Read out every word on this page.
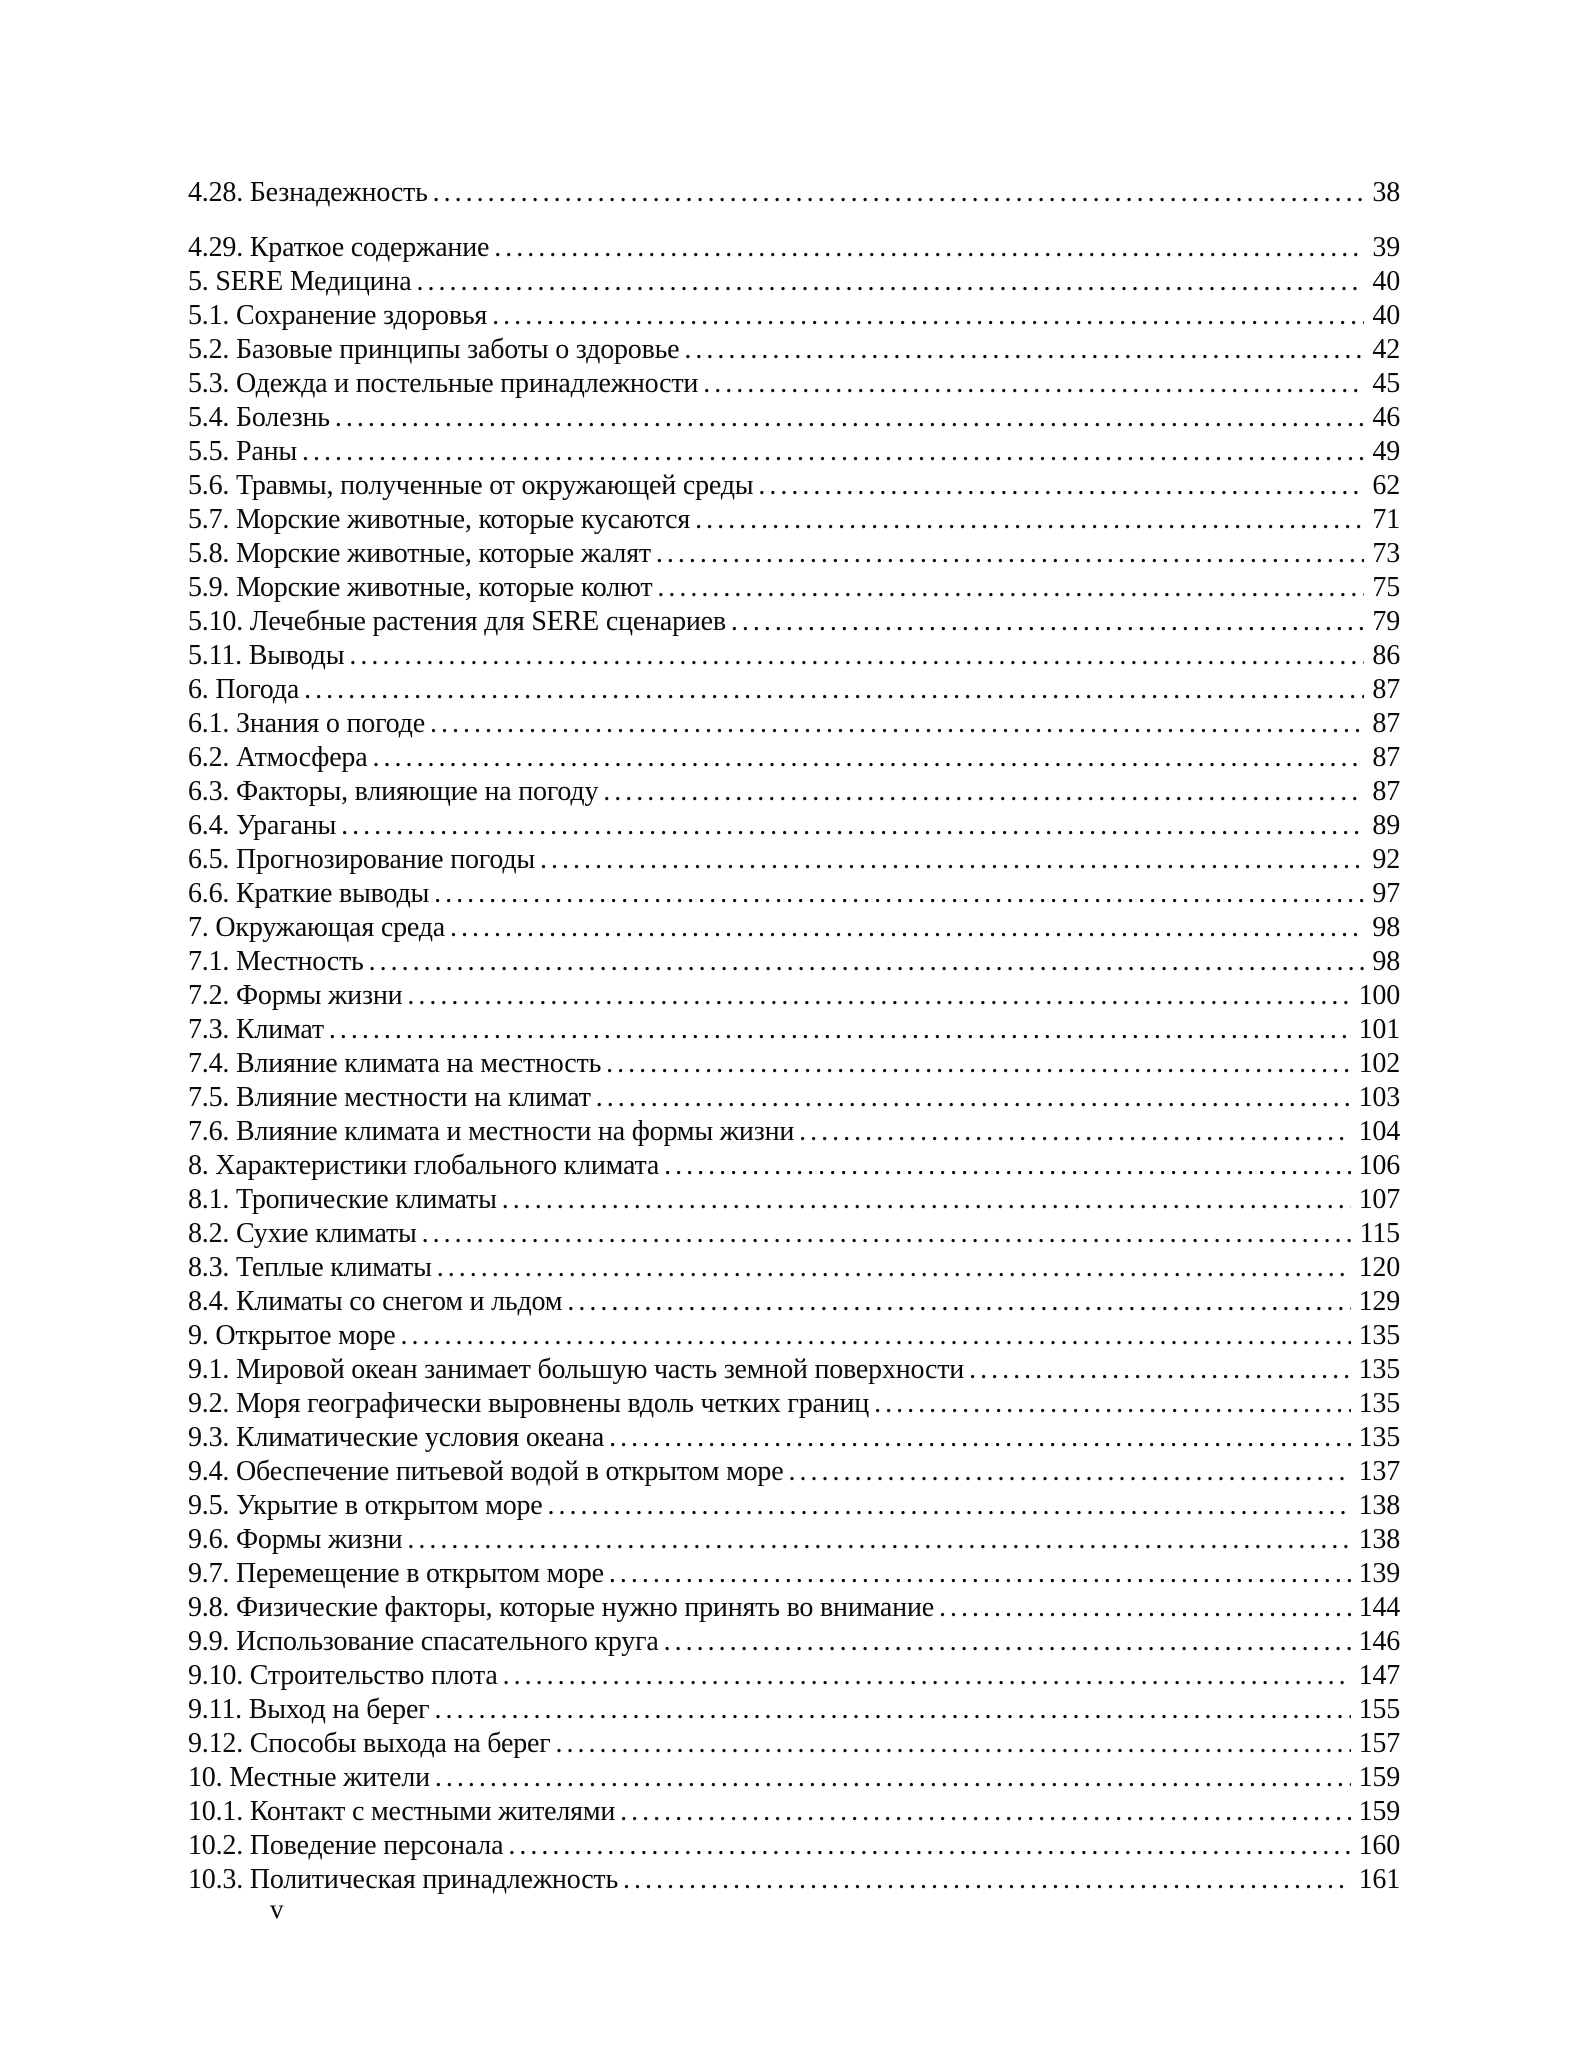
4.28. Безнадежность .....	38
4.29. Краткое содержание .....	39
5. SERE Медицина .....	40
5.1. Сохранение здоровья .....	40
5.2. Базовые принципы заботы о здоровье .....	42
5.3. Одежда и постельные принадлежности .....	45
5.4. Болезнь .....	46
5.5. Раны .....	49
5.6. Травмы, полученные от окружающей среды .....	62
5.7. Морские животные, которые кусаются .....	71
5.8. Морские животные, которые жалят .....	73
5.9. Морские животные, которые колют .....	75
5.10. Лечебные растения для SERE сценариев .....	79
5.11. Выводы .....	86
6. Погода .....	87
6.1. Знания о погоде .....	87
6.2. Атмосфера .....	87
6.3. Факторы, влияющие на погоду .....	87
6.4. Ураганы .....	89
6.5. Прогнозирование погоды .....	92
6.6. Краткие выводы .....	97
7. Окружающая среда .....	98
7.1. Местность .....	98
7.2. Формы жизни .....	100
7.3. Климат .....	101
7.4. Влияние климата на местность .....	102
7.5. Влияние местности на климат .....	103
7.6. Влияние климата и местности на формы жизни .....	104
8. Характеристики глобального климата .....	106
8.1. Тропические климаты .....	107
8.2. Сухие климаты .....	115
8.3. Теплые климаты .....	120
8.4. Климаты со снегом и льдом .....	129
9. Открытое море .....	135
9.1. Мировой океан занимает большую часть земной поверхности .....	135
9.2. Моря географически выровнены вдоль четких границ .....	135
9.3. Климатические условия океана .....	135
9.4. Обеспечение питьевой водой в открытом море .....	137
9.5. Укрытие в открытом море .....	138
9.6. Формы жизни .....	138
9.7. Перемещение в открытом море .....	139
9.8. Физические факторы, которые нужно принять во внимание .....	144
9.9. Использование спасательного круга .....	146
9.10. Строительство плота .....	147
9.11. Выход на берег .....	155
9.12. Способы выхода на берег .....	157
10. Местные жители .....	159
10.1. Контакт с местными жителями .....	159
10.2. Поведение персонала .....	160
10.3. Политическая принадлежность .....	161
v
